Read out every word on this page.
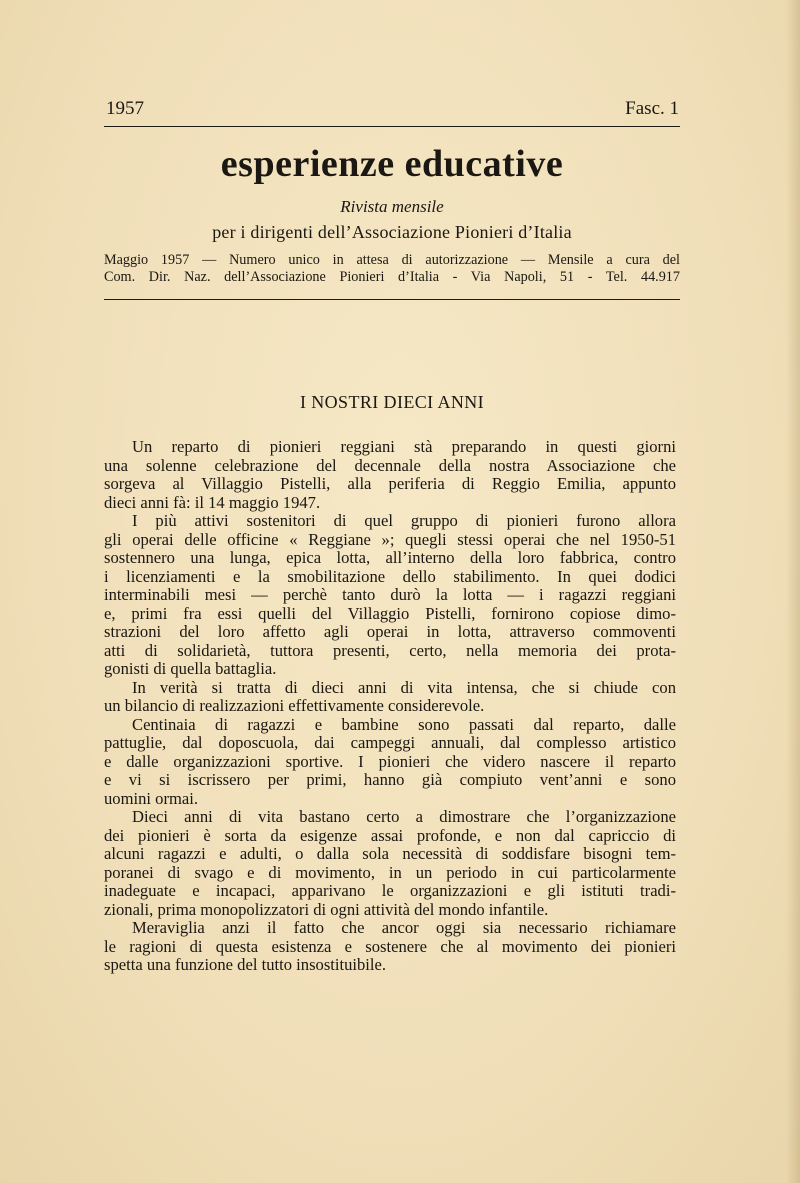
1957	Fasc. 1
esperienze educative
Rivista mensile
per i dirigenti dell’Associazione Pionieri d’Italia
Maggio 1957 — Numero unico in attesa di autorizzazione — Mensile a cura del
Com. Dir. Naz. dell’Associazione Pionieri d’Italia - Via Napoli, 51 - Tel. 44.917
I NOSTRI DIECI ANNI
Un reparto di pionieri reggiani stà preparando in questi giorni
una solenne celebrazione del decennale della nostra Associazione che
sorgeva al Villaggio Pistelli, alla periferia di Reggio Emilia, appunto
dieci anni fà: il 14 maggio 1947.
I più attivi sostenitori di quel gruppo di pionieri furono allora
gli operai delle officine « Reggiane »; quegli stessi operai che nel 1950-51
sostennero una lunga, epica lotta, all’interno della loro fabbrica, contro
i licenziamenti e la smobilitazione dello stabilimento. In quei dodici
interminabili mesi — perchè tanto durò la lotta — i ragazzi reggiani
e, primi fra essi quelli del Villaggio Pistelli, fornirono copiose dimo-
strazioni del loro affetto agli operai in lotta, attraverso commoventi
atti di solidarietà, tuttora presenti, certo, nella memoria dei prota-
gonisti di quella battaglia.
In verità si tratta di dieci anni di vita intensa, che si chiude con
un bilancio di realizzazioni effettivamente considerevole.
Centinaia di ragazzi e bambine sono passati dal reparto, dalle
pattuglie, dal doposcuola, dai campeggi annuali, dal complesso artistico
e dalle organizzazioni sportive. I pionieri che videro nascere il reparto
e vi si iscrissero per primi, hanno già compiuto vent’anni e sono
uomini ormai.
Dieci anni di vita bastano certo a dimostrare che l’organizzazione
dei pionieri è sorta da esigenze assai profonde, e non dal capriccio di
alcuni ragazzi e adulti, o dalla sola necessità di soddisfare bisogni tem-
poranei di svago e di movimento, in un periodo in cui particolarmente
inadeguate e incapaci, apparivano le organizzazioni e gli istituti tradi-
zionali, prima monopolizzatori di ogni attività del mondo infantile.
Meraviglia anzi il fatto che ancor oggi sia necessario richiamare
le ragioni di questa esistenza e sostenere che al movimento dei pionieri
spetta una funzione del tutto insostituibile.
